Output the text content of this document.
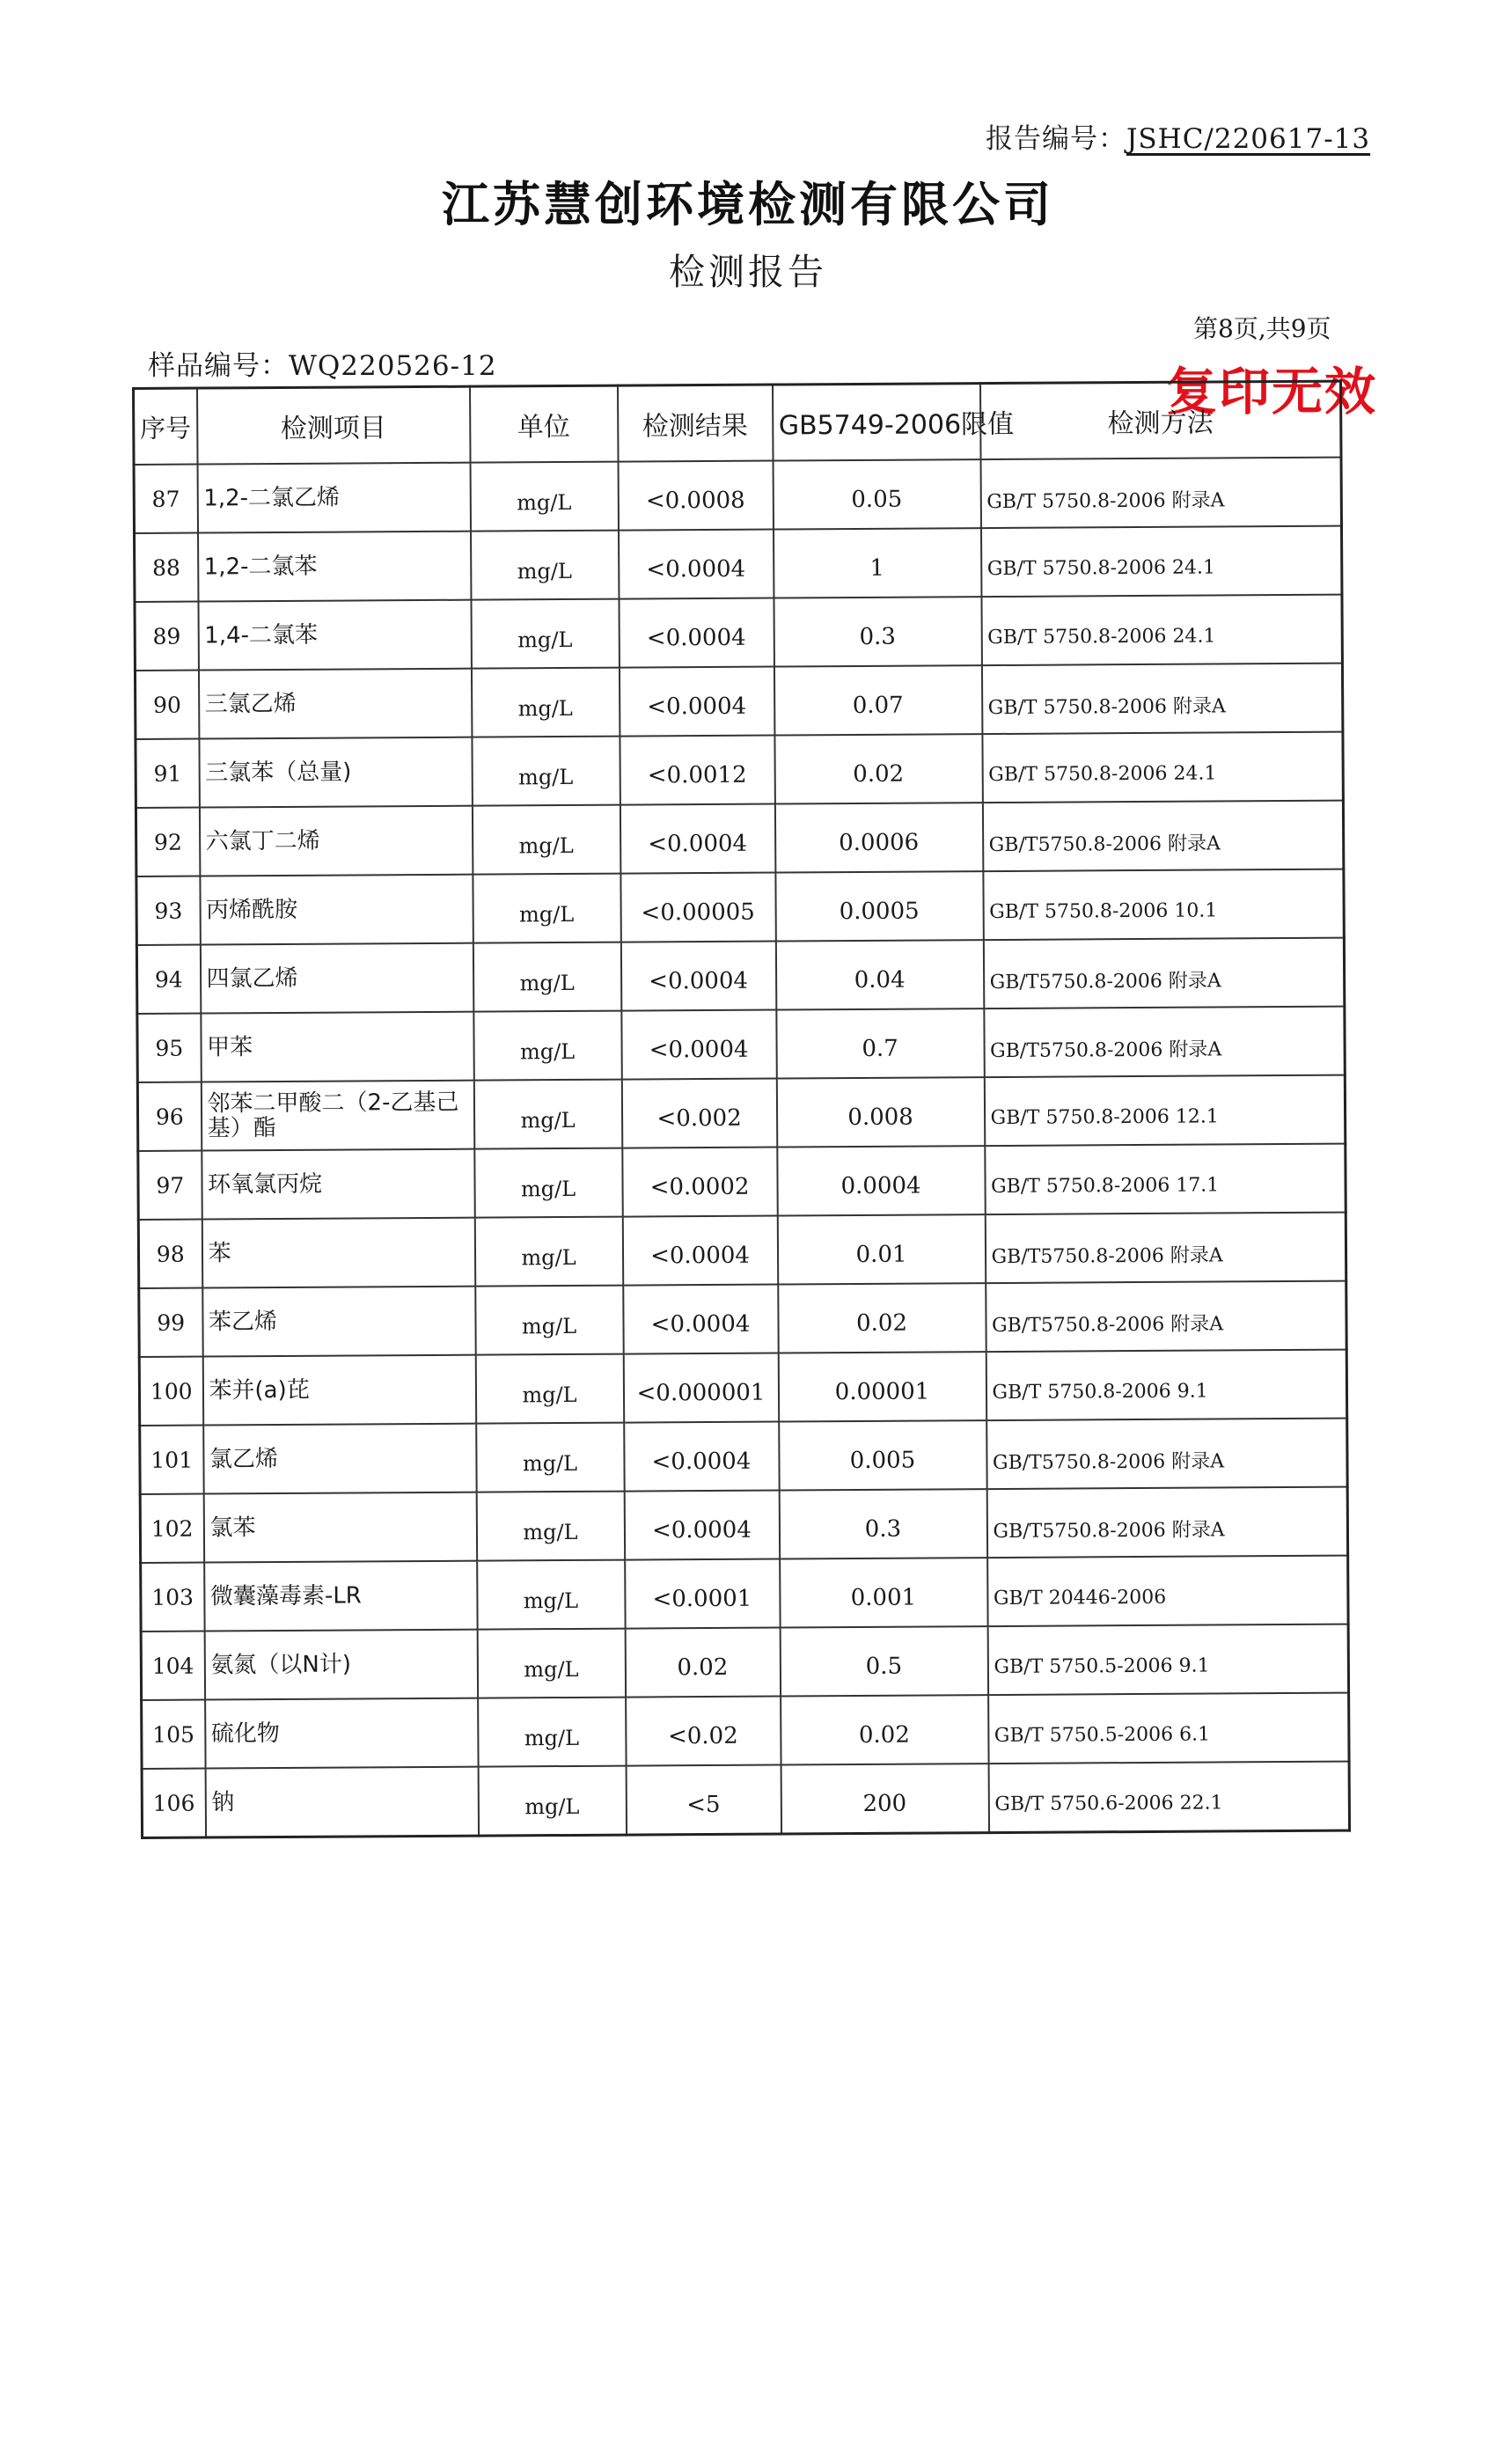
报告编号：JSHC/220617-13
江苏慧创环境检测有限公司
检测报告
第8页,共9页
复印无效
样品编号：WQ220526-12
序号	检测项目	单位	检测结果	GB5749-2006限值	检测方法
87	1,2-二氯乙烯	mg/L	<0.0008	0.05	GB/T 5750.8-2006 附录A
88	1,2-二氯苯	mg/L	<0.0004	1	GB/T 5750.8-2006 24.1
89	1,4-二氯苯	mg/L	<0.0004	0.3	GB/T 5750.8-2006 24.1
90	三氯乙烯	mg/L	<0.0004	0.07	GB/T 5750.8-2006 附录A
91	三氯苯（总量)	mg/L	<0.0012	0.02	GB/T 5750.8-2006 24.1
92	六氯丁二烯	mg/L	<0.0004	0.0006	GB/T5750.8-2006 附录A
93	丙烯酰胺	mg/L	<0.00005	0.0005	GB/T 5750.8-2006 10.1
94	四氯乙烯	mg/L	<0.0004	0.04	GB/T5750.8-2006 附录A
95	甲苯	mg/L	<0.0004	0.7	GB/T5750.8-2006 附录A
96	邻苯二甲酸二（2-乙基己基）酯	mg/L	<0.002	0.008	GB/T 5750.8-2006 12.1
97	环氧氯丙烷	mg/L	<0.0002	0.0004	GB/T 5750.8-2006 17.1
98	苯	mg/L	<0.0004	0.01	GB/T5750.8-2006 附录A
99	苯乙烯	mg/L	<0.0004	0.02	GB/T5750.8-2006 附录A
100	苯并(a)芘	mg/L	<0.000001	0.00001	GB/T 5750.8-2006 9.1
101	氯乙烯	mg/L	<0.0004	0.005	GB/T5750.8-2006 附录A
102	氯苯	mg/L	<0.0004	0.3	GB/T5750.8-2006 附录A
103	微囊藻毒素-LR	mg/L	<0.0001	0.001	GB/T 20446-2006
104	氨氮（以N计)	mg/L	0.02	0.5	GB/T 5750.5-2006 9.1
105	硫化物	mg/L	<0.02	0.02	GB/T 5750.5-2006 6.1
106	钠	mg/L	<5	200	GB/T 5750.6-2006 22.1
